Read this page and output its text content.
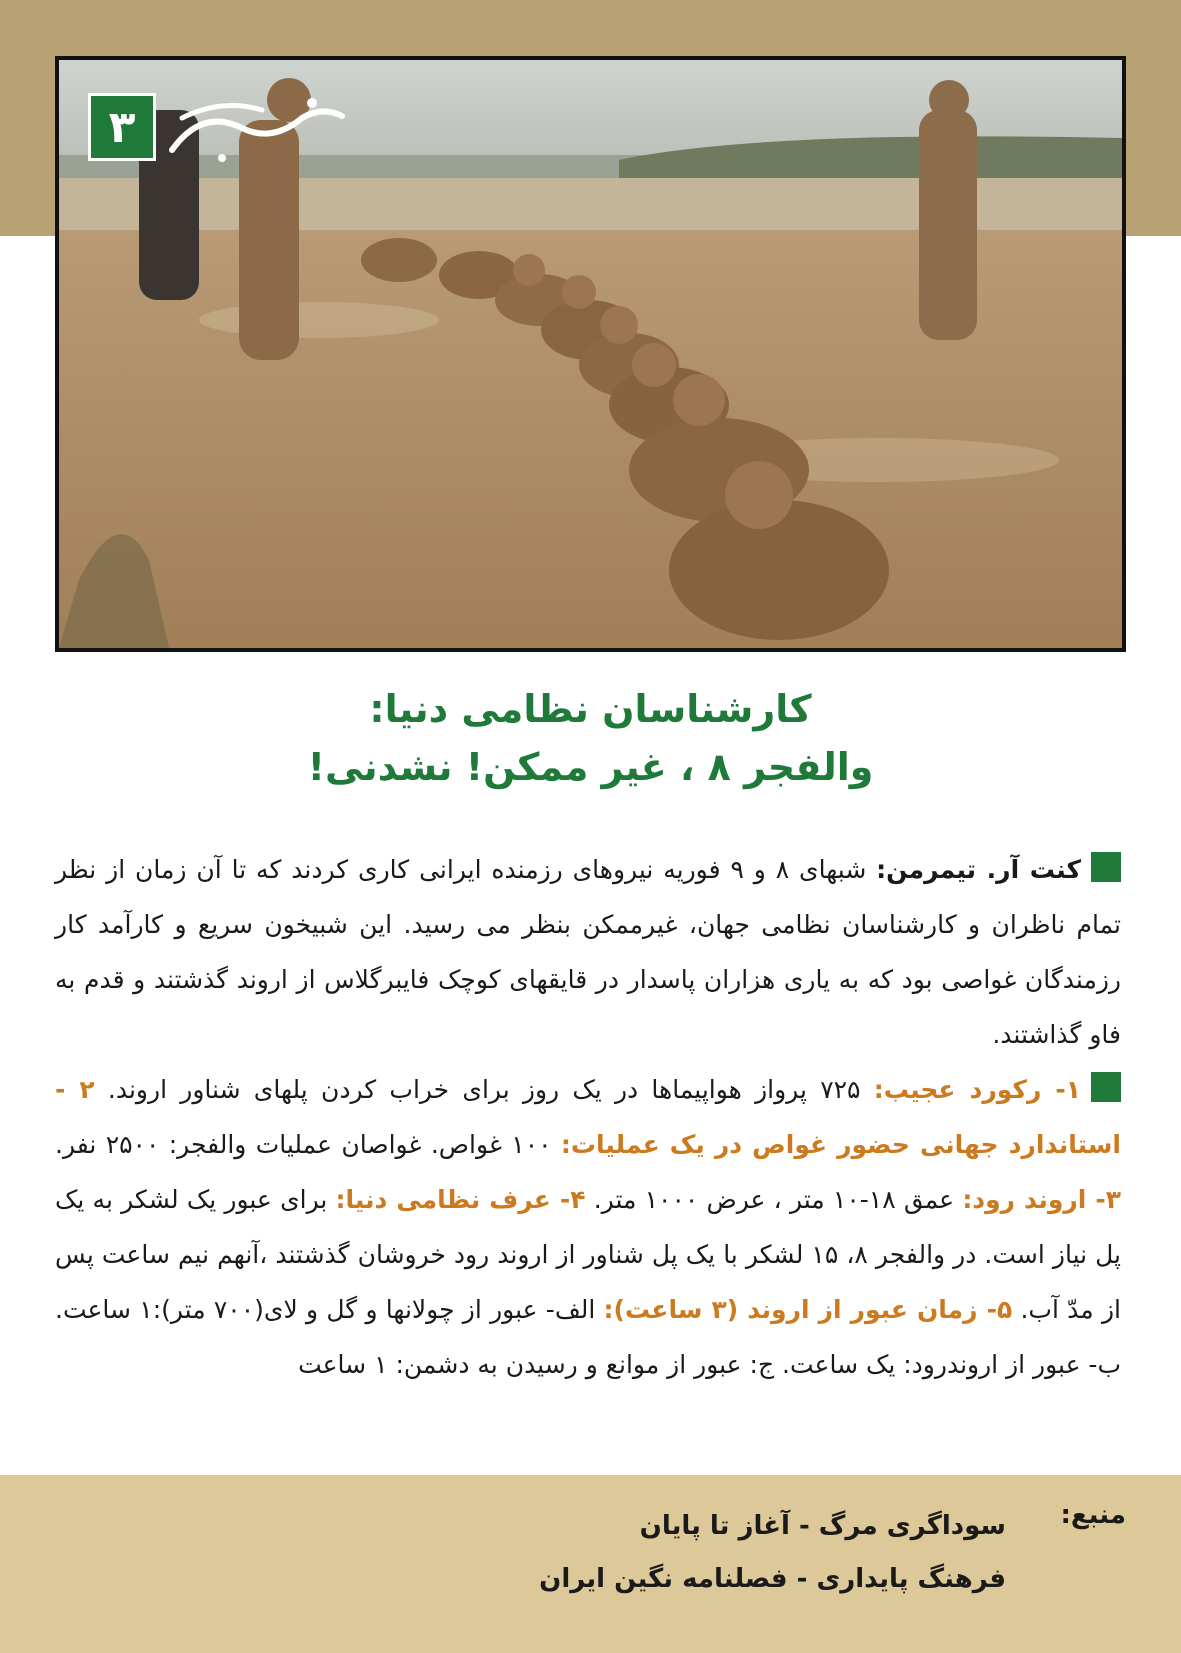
۳
کارشناسان نظامی دنیا:
والفجر ۸ ، غیر ممکن! نشدنی!

کنت آر. تیمرمن: شبهای ۸ و ۹ فوریه نیروهای رزمنده ایرانی کاری کردند که تا آن زمان از نظر تمام ناظران و کارشناسان نظامی جهان، غیرممکن بنظر می رسید. این شبیخون سریع و کارآمد کار رزمندگان غواصی بود که به یاری هزاران پاسدار در قایقهای کوچک فایبرگلاس از اروند گذشتند و قدم به فاو گذاشتند.

۱- رکورد عجیب: ۷۲۵ پرواز هواپیماها در یک روز برای خراب کردن پلهای شناور اروند. ۲ - استاندارد جهانی حضور غواص در یک عملیات: ۱۰۰ غواص. غواصان عملیات والفجر: ۲۵۰۰ نفر. ۳- اروند رود: عمق ۱۸-۱۰ متر ، عرض ۱۰۰۰ متر. ۴- عرف نظامی دنیا: برای عبور یک لشکر به یک پل نیاز است. در والفجر ۸، ۱۵ لشکر با یک پل شناور از اروند رود خروشان گذشتند ،آنهم نیم ساعت پس از مدّ آب. ۵- زمان عبور از اروند (۳ ساعت): الف- عبور از چولانها و گل و لای(۷۰۰ متر):۱ ساعت. ب- عبور از اروندرود: یک ساعت. ج: عبور از موانع و رسیدن به دشمن: ۱ ساعت

منبع:
سوداگری مرگ - آغاز تا پایان
فرهنگ پایداری - فصلنامه نگین ایران
